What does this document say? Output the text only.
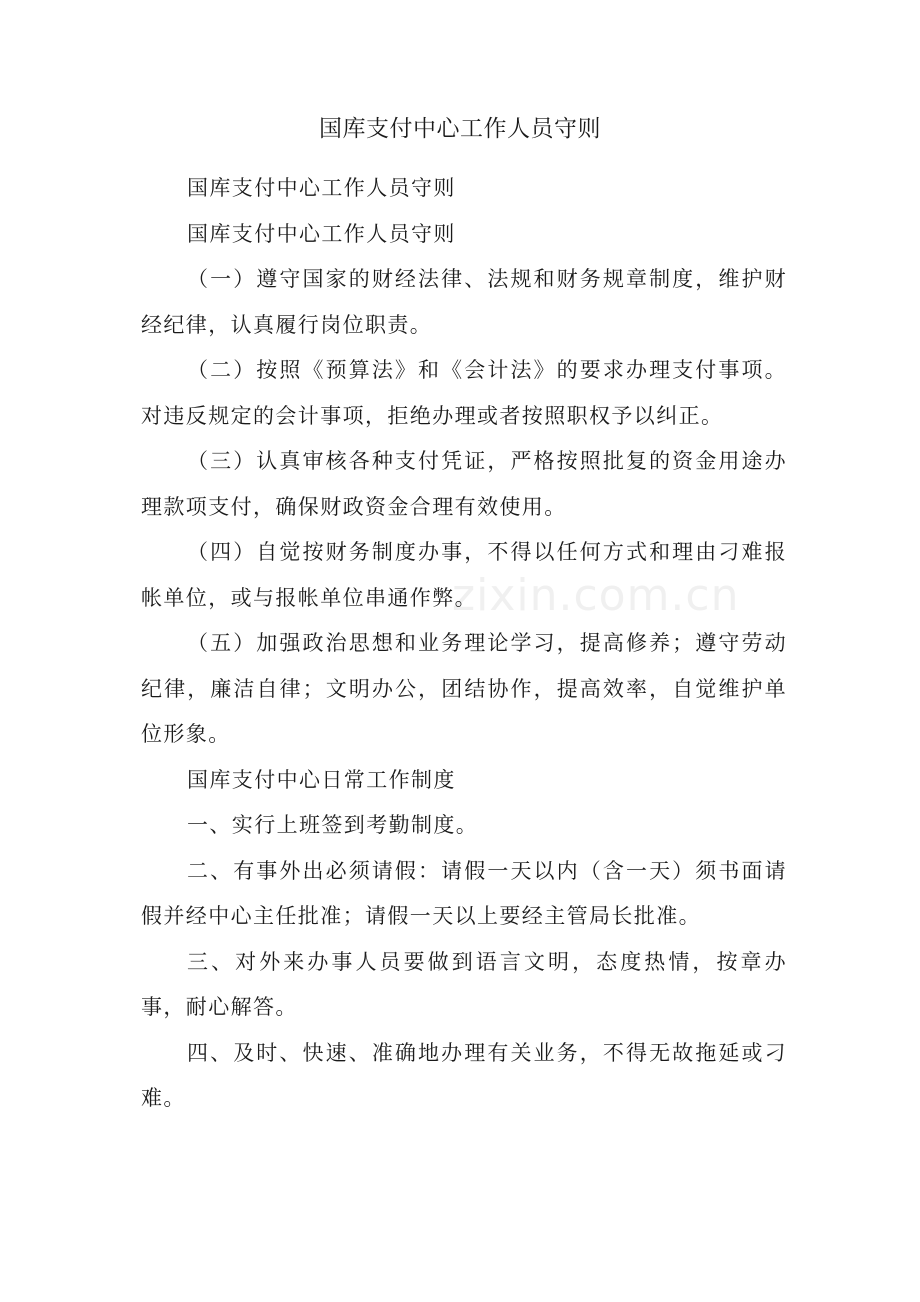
zixin.com.cn
国库支付中心工作人员守则

国库支付中心工作人员守则

国库支付中心工作人员守则

（一）遵守国家的财经法律、法规和财务规章制度，维护财经纪律，认真履行岗位职责。

（二）按照《预算法》和《会计法》的要求办理支付事项。对违反规定的会计事项，拒绝办理或者按照职权予以纠正。

（三）认真审核各种支付凭证，严格按照批复的资金用途办理款项支付，确保财政资金合理有效使用。

（四）自觉按财务制度办事，不得以任何方式和理由刁难报帐单位，或与报帐单位串通作弊。

（五）加强政治思想和业务理论学习，提高修养；遵守劳动纪律，廉洁自律；文明办公，团结协作，提高效率，自觉维护单位形象。

国库支付中心日常工作制度

一、实行上班签到考勤制度。

二、有事外出必须请假：请假一天以内（含一天）须书面请假并经中心主任批准；请假一天以上要经主管局长批准。

三、对外来办事人员要做到语言文明，态度热情，按章办事，耐心解答。

四、及时、快速、准确地办理有关业务，不得无故拖延或刁难。
